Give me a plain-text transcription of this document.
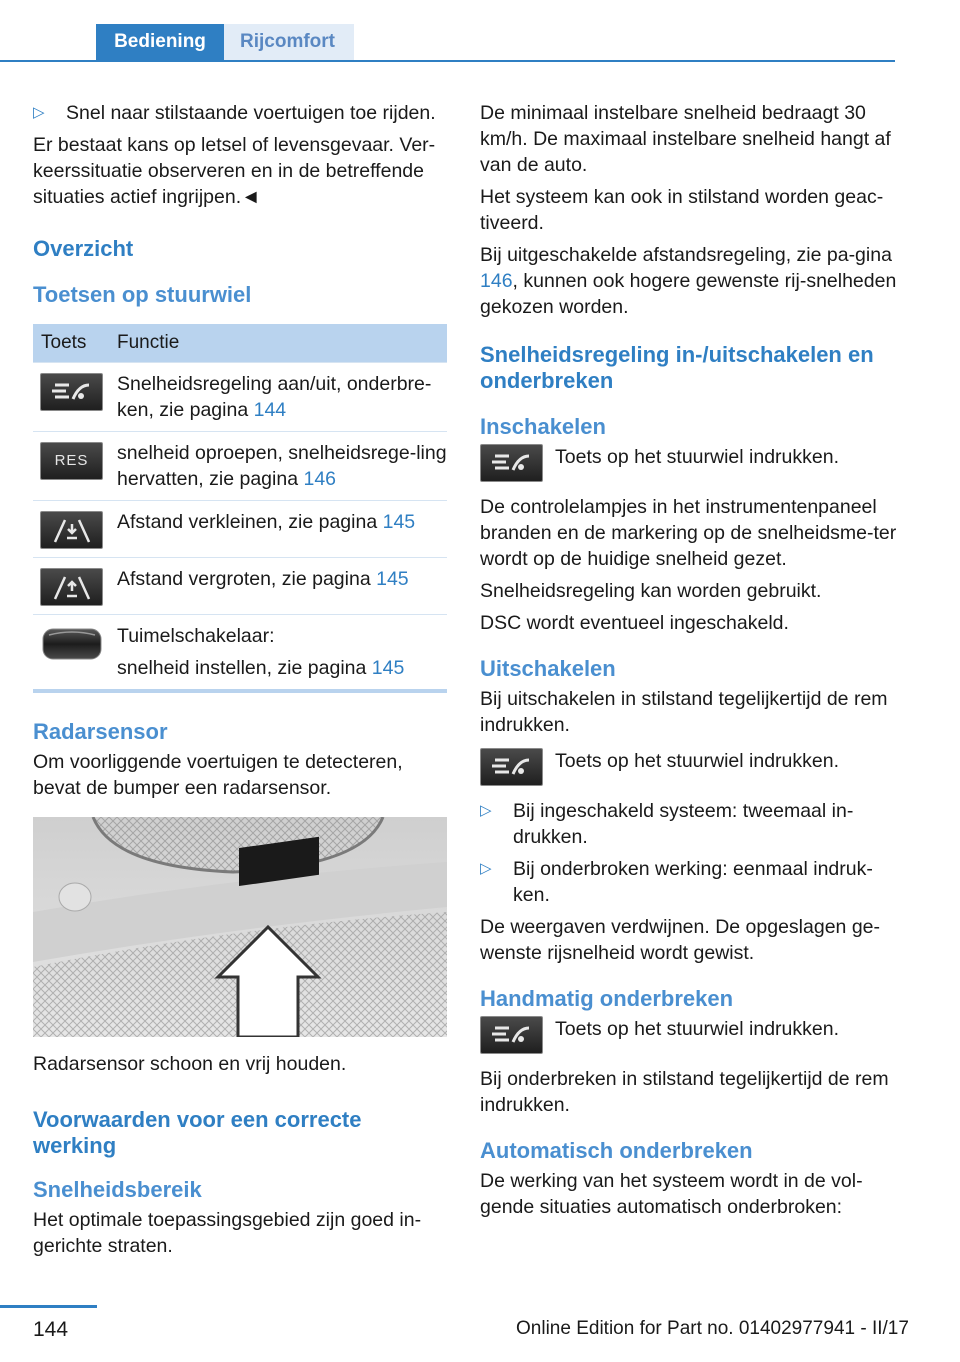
Bediening	Rijcomfort
▷ Snel naar stilstaande voertuigen toe rijden.

Er bestaat kans op letsel of levensgevaar. Ver-keerssituatie observeren en in de betreffende situaties actief ingrijpen.◄

Overzicht
Toetsen op stuurwiel
Toets	Functie
Snelheidsregeling aan/uit, onderbre-ken, zie pagina 144
RES snelheid oproepen, snelheidsrege-ling hervatten, zie pagina 146
Afstand verkleinen, zie pagina 145
Afstand vergroten, zie pagina 145
Tuimelschakelaar:
snelheid instellen, zie pagina 145
Radarsensor

Om voorliggende voertuigen te detecteren, bevat de bumper een radarsensor.

Radarsensor schoon en vrij houden.

Voorwaarden voor een correcte werking
Snelheidsbereik

Het optimale toepassingsgebied zijn goed in-gerichte straten.

De minimaal instelbare snelheid bedraagt 30 km/h. De maximaal instelbare snelheid hangt af van de auto.

Het systeem kan ook in stilstand worden geac-tiveerd.

Bij uitgeschakelde afstandsregeling, zie pa-gina 146, kunnen ook hogere gewenste rij-snelheden gekozen worden.

Snelheidsregeling in-/uitschakelen en onderbreken
Inschakelen
Toets op het stuurwiel indrukken.

De controlelampjes in het instrumentenpaneel branden en de markering op de snelheidsme-ter wordt op de huidige snelheid gezet.

Snelheidsregeling kan worden gebruikt.

DSC wordt eventueel ingeschakeld.

Uitschakelen

Bij uitschakelen in stilstand tegelijkertijd de rem indrukken.

Toets op het stuurwiel indrukken.
▷ Bij ingeschakeld systeem: tweemaal in-drukken.
▷ Bij onderbroken werking: eenmaal indruk-ken.

De weergaven verdwijnen. De opgeslagen ge-wenste rijsnelheid wordt gewist.

Handmatig onderbreken
Toets op het stuurwiel indrukken.

Bij onderbreken in stilstand tegelijkertijd de rem indrukken.

Automatisch onderbreken

De werking van het systeem wordt in de vol-gende situaties automatisch onderbroken:

144	Online Edition for Part no. 01402977941 - II/17
